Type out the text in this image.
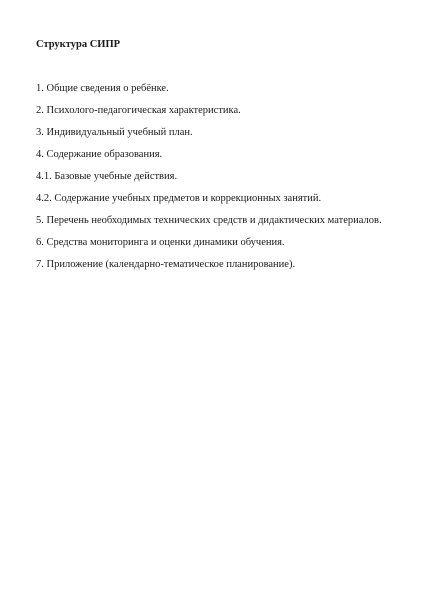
Структура СИПР
1. Общие сведения о ребёнке.
2. Психолого-педагогическая характеристика.
3. Индивидуальный учебный план.
4. Содержание образования.
4.1. Базовые учебные действия.
4.2. Содержание учебных предметов и коррекционных занятий.
5. Перечень необходимых технических средств и дидактических материалов.
6. Средства мониторинга и оценки динамики обучения.
7. Приложение (календарно-тематическое планирование).
